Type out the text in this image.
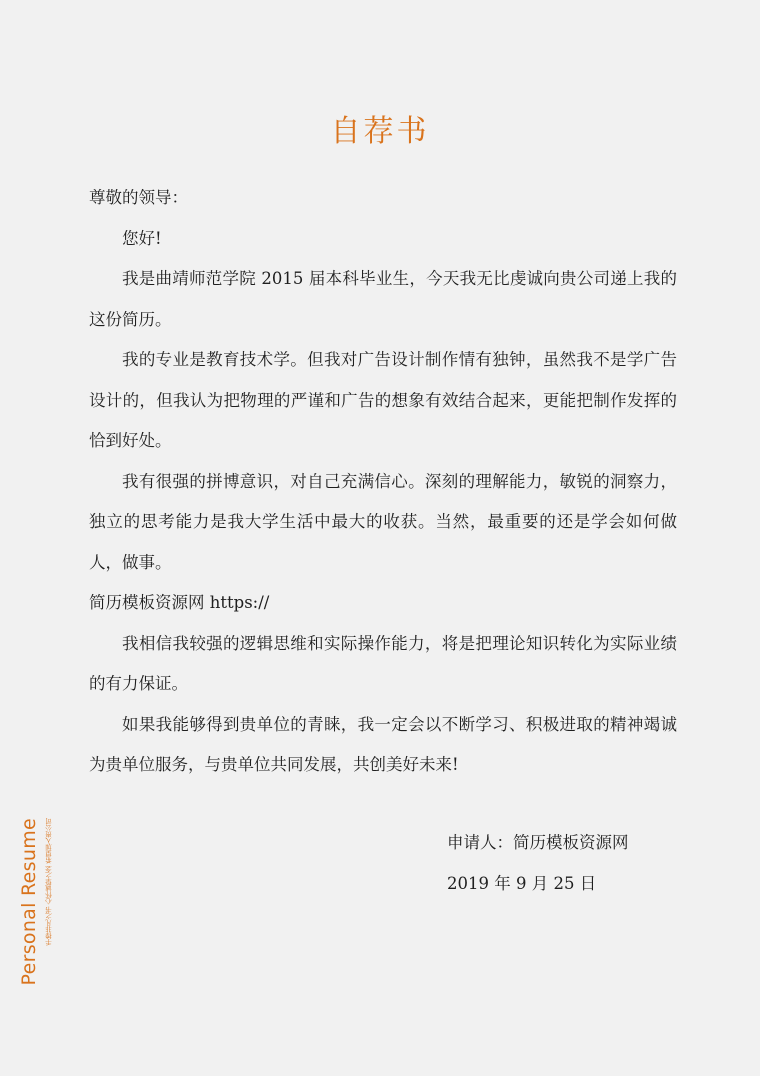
自荐书

尊敬的领导：

您好!

我是曲靖师范学院 2015 届本科毕业生，今天我无比虔诚向贵公司递上我的这份简历。

我的专业是教育技术学。但我对广告设计制作情有独钟，虽然我不是学广告设计的，但我认为把物理的严谨和广告的想象有效结合起来，更能把制作发挥的恰到好处。

我有很强的拼博意识，对自己充满信心。深刻的理解能力，敏锐的洞察力，独立的思考能力是我大学生活中最大的收获。当然，最重要的还是学会如何做人，做事。

简历模板资源网 https://

我相信我较强的逻辑思维和实际操作能力，将是把理论知识转化为实际业绩的有力保证。

如果我能够得到贵单位的青睐，我一定会以不断学习、积极进取的精神竭诚为贵单位服务，与贵单位共同发展，共创美好未来!

申请人：简历模板资源网

2019 年 9 月 25 日

Personal Resume 手捧非凡之书 心怀诚挚之念 希望加入贵公司
